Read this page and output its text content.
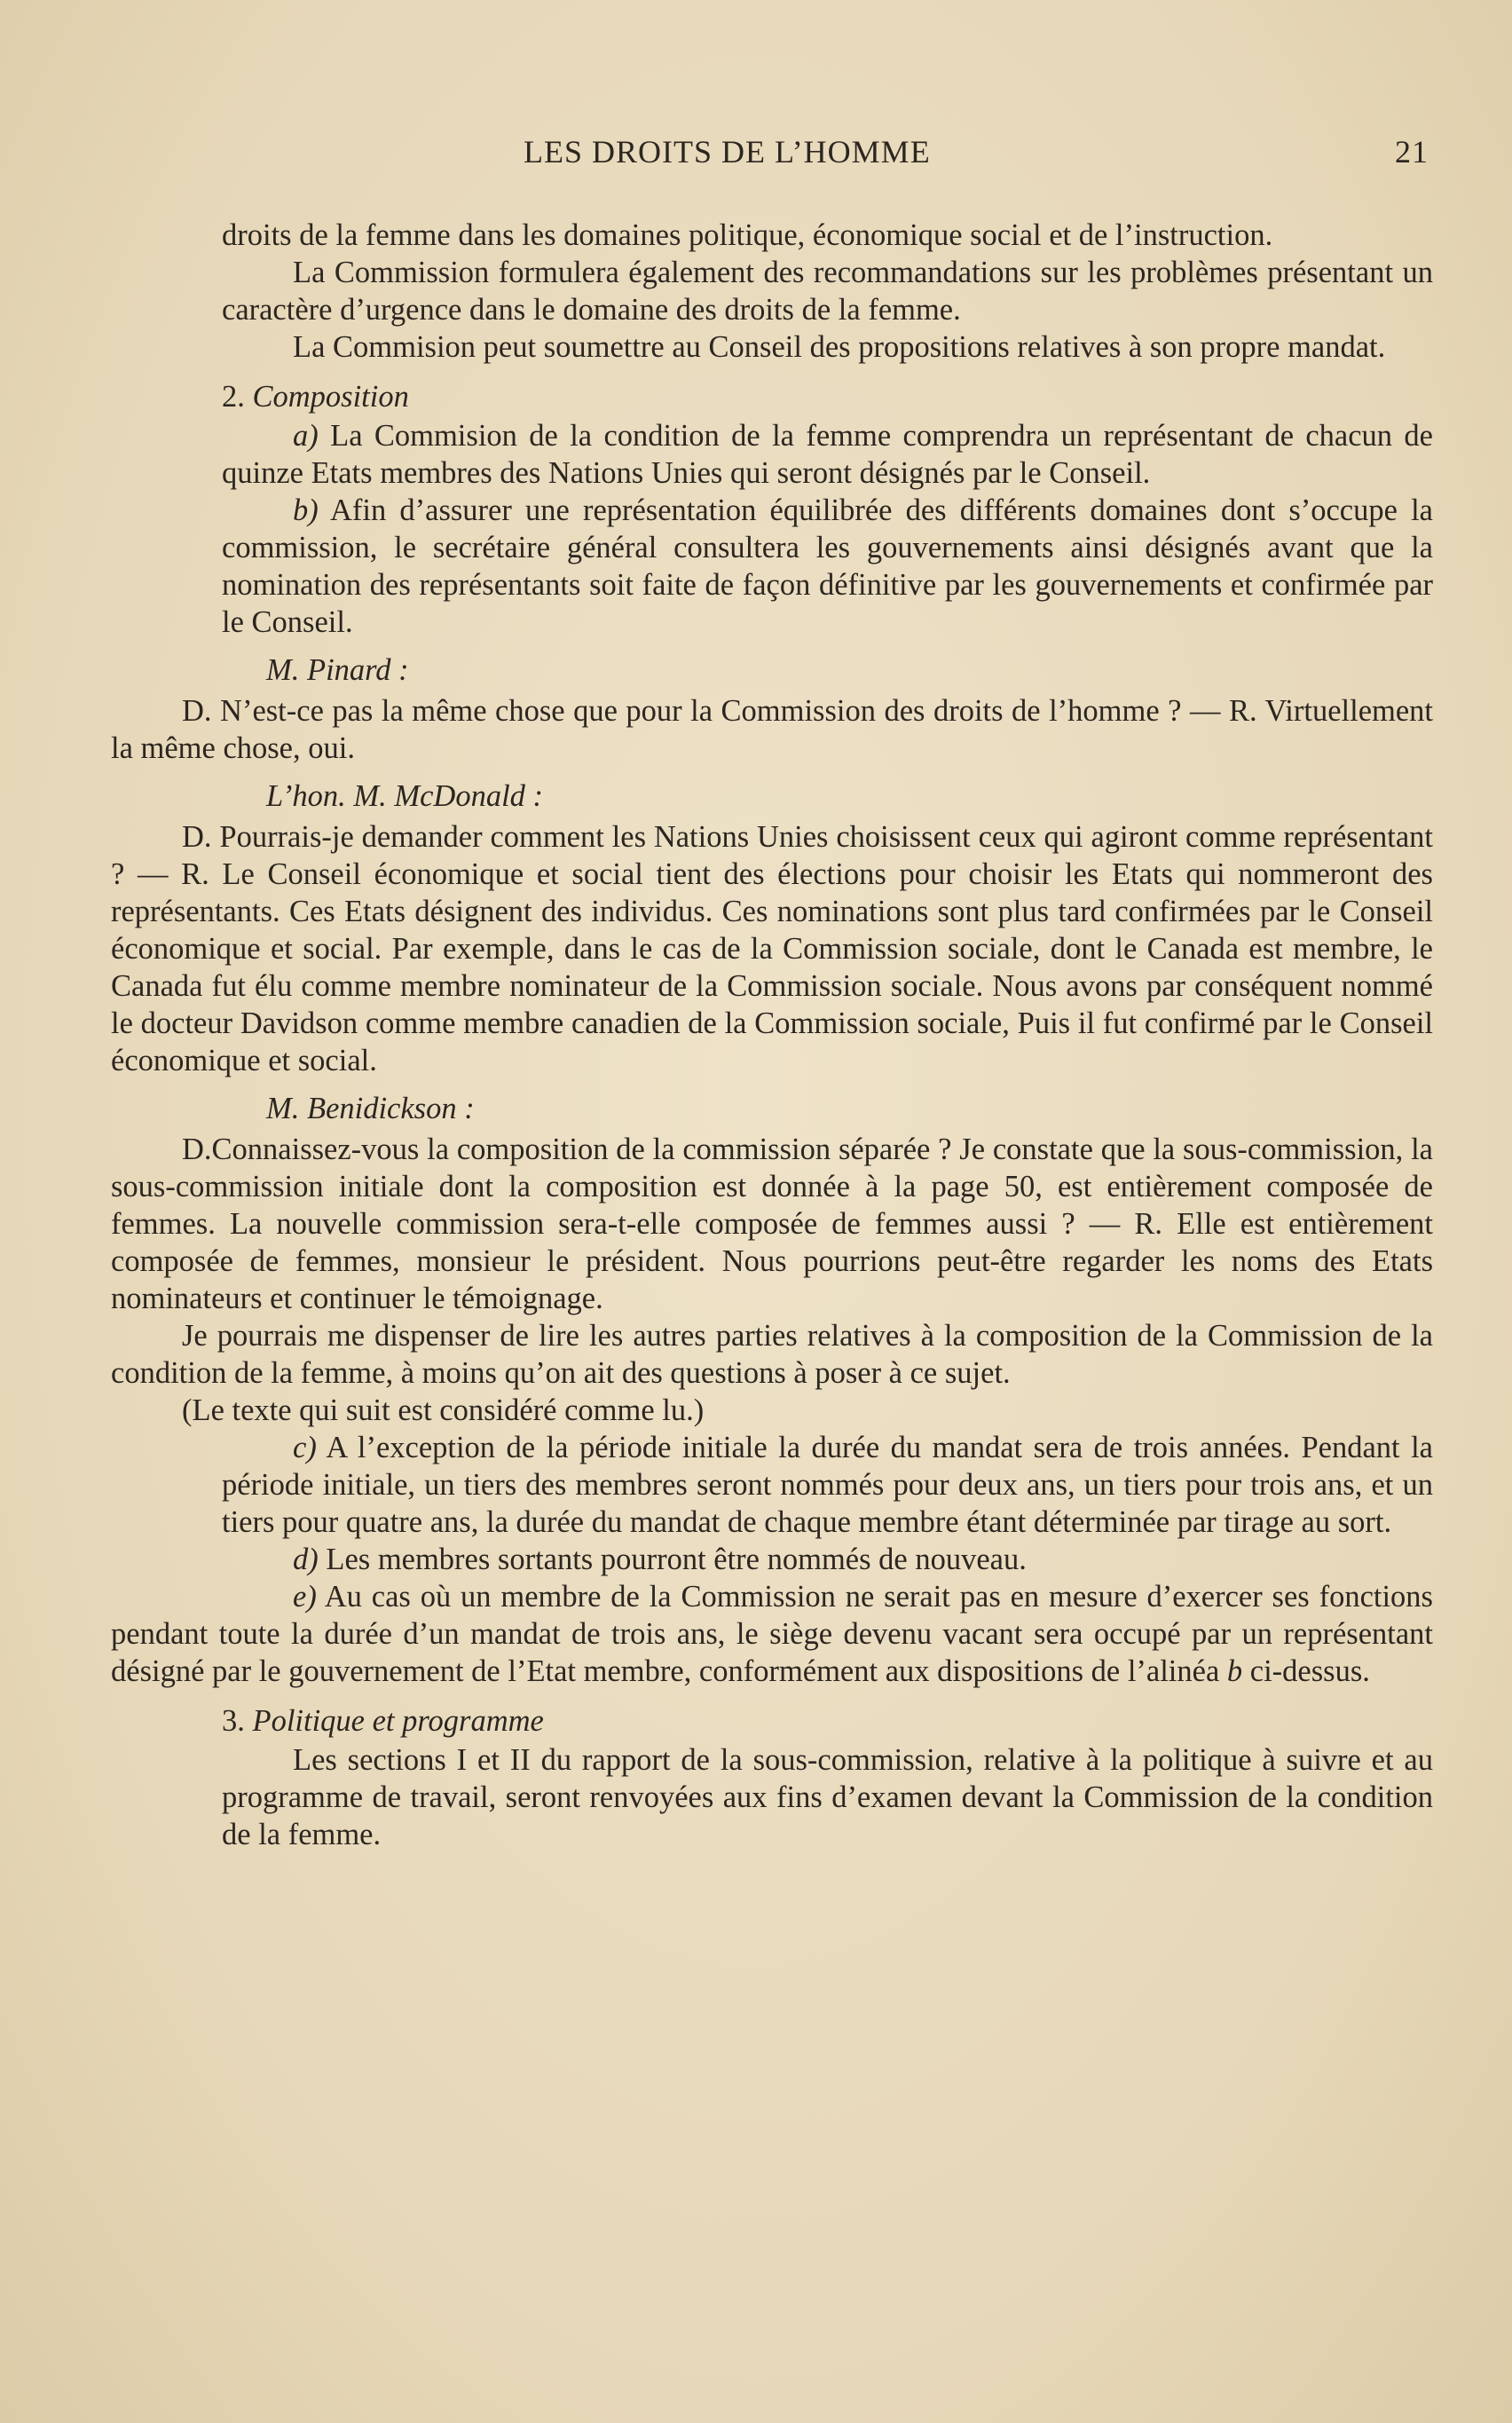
LES DROITS DE L’HOMME	21

droits de la femme dans les domaines politique, économique social et de l’instruction.

La Commission formulera également des recommandations sur les problèmes présentant un caractère d’urgence dans le domaine des droits de la femme.

La Commision peut soumettre au Conseil des propositions relatives à son propre mandat.

2. Composition

a) La Commision de la condition de la femme comprendra un représentant de chacun de quinze Etats membres des Nations Unies qui seront désignés par le Conseil.

b) Afin d’assurer une représentation équilibrée des différents domaines dont s’occupe la commission, le secrétaire général consultera les gouvernements ainsi désignés avant que la nomination des représentants soit faite de façon définitive par les gouvernements et confirmée par le Conseil.

M. Pinard :

D. N’est-ce pas la même chose que pour la Commission des droits de l’homme ? — R. Virtuellement la même chose, oui.

L’hon. M. McDonald :

D. Pourrais-je demander comment les Nations Unies choisissent ceux qui agiront comme représentant ? — R. Le Conseil économique et social tient des élections pour choisir les Etats qui nommeront des représentants. Ces Etats désignent des individus. Ces nominations sont plus tard confirmées par le Conseil économique et social. Par exemple, dans le cas de la Commission sociale, dont le Canada est membre, le Canada fut élu comme membre nominateur de la Commission sociale. Nous avons par conséquent nommé le docteur Davidson comme membre canadien de la Commission sociale, Puis il fut confirmé par le Conseil économique et social.

M. Benidickson :

D.Connaissez-vous la composition de la commission séparée ? Je constate que la sous-commission, la sous-commission initiale dont la composition est donnée à la page 50, est entièrement composée de femmes. La nouvelle commission sera-t-elle composée de femmes aussi ? — R. Elle est entièrement composée de femmes, monsieur le président. Nous pourrions peut-être regarder les noms des Etats nominateurs et continuer le témoignage.

Je pourrais me dispenser de lire les autres parties relatives à la composition de la Commission de la condition de la femme, à moins qu’on ait des questions à poser à ce sujet.

(Le texte qui suit est considéré comme lu.)

c) A l’exception de la période initiale la durée du mandat sera de trois années. Pendant la période initiale, un tiers des membres seront nommés pour deux ans, un tiers pour trois ans, et un tiers pour quatre ans, la durée du mandat de chaque membre étant déterminée par tirage au sort.

d) Les membres sortants pourront être nommés de nouveau.

e) Au cas où un membre de la Commission ne serait pas en mesure d’exercer ses fonctions pendant toute la durée d’un mandat de trois ans, le siège devenu vacant sera occupé par un représentant désigné par le gouvernement de l’Etat membre, conformément aux dispositions de l’alinéa b ci-dessus.

3. Politique et programme

Les sections I et II du rapport de la sous-commission, relative à la politique à suivre et au programme de travail, seront renvoyées aux fins d’examen devant la Commission de la condition de la femme.
